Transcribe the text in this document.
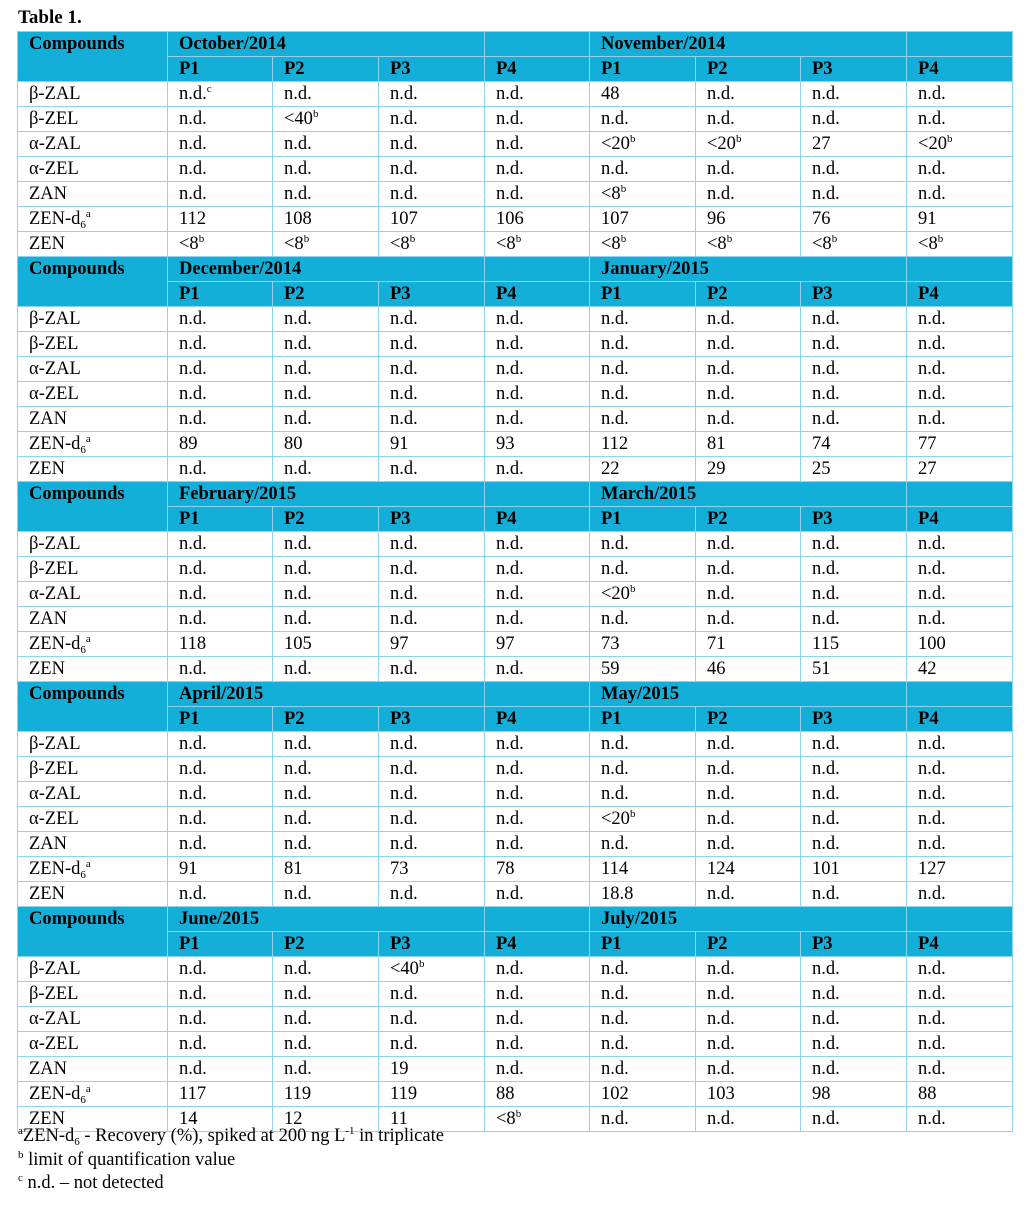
Table 1.
Compounds	October/2014				November/2014			
	P1	P2	P3	P4	P1	P2	P3	P4
β-ZAL	n.d.$^c$	n.d.	n.d.	n.d.	48	n.d.	n.d.	n.d.
β-ZEL	n.d.	$<40^b$	n.d.	n.d.	n.d.	n.d.	n.d.	n.d.
α-ZAL	n.d.	n.d.	n.d.	n.d.	$<20^b$	$<20^b$	27	$<20^b$
α-ZEL	n.d.	n.d.	n.d.	n.d.	n.d.	n.d.	n.d.	n.d.
ZAN	n.d.	n.d.	n.d.	n.d.	$<8^b$	n.d.	n.d.	n.d.
ZEN-$d_6^a$	112	108	107	106	107	96	76	91
ZEN	$<8^b$	$<8^b$	$<8^b$	$<8^b$	$<8^b$	$<8^b$	$<8^b$	$<8^b$
Compounds	December/2014				January/2015			
	P1	P2	P3	P4	P1	P2	P3	P4
β-ZAL	n.d.	n.d.	n.d.	n.d.	n.d.	n.d.	n.d.	n.d.
β-ZEL	n.d.	n.d.	n.d.	n.d.	n.d.	n.d.	n.d.	n.d.
α-ZAL	n.d.	n.d.	n.d.	n.d.	n.d.	n.d.	n.d.	n.d.
α-ZEL	n.d.	n.d.	n.d.	n.d.	n.d.	n.d.	n.d.	n.d.
ZAN	n.d.	n.d.	n.d.	n.d.	n.d.	n.d.	n.d.	n.d.
ZEN-$d_6^a$	89	80	91	93	112	81	74	77
ZEN	n.d.	n.d.	n.d.	n.d.	22	29	25	27
Compounds	February/2015				March/2015			
	P1	P2	P3	P4	P1	P2	P3	P4
β-ZAL	n.d.	n.d.	n.d.	n.d.	n.d.	n.d.	n.d.	n.d.
β-ZEL	n.d.	n.d.	n.d.	n.d.	n.d.	n.d.	n.d.	n.d.
α-ZAL	n.d.	n.d.	n.d.	n.d.	$<20^b$	n.d.	n.d.	n.d.
ZAN	n.d.	n.d.	n.d.	n.d.	n.d.	n.d.	n.d.	n.d.
ZEN-$d_6^a$	118	105	97	97	73	71	115	100
ZEN	n.d.	n.d.	n.d.	n.d.	59	46	51	42
Compounds	April/2015				May/2015			
	P1	P2	P3	P4	P1	P2	P3	P4
β-ZAL	n.d.	n.d.	n.d.	n.d.	n.d.	n.d.	n.d.	n.d.
β-ZEL	n.d.	n.d.	n.d.	n.d.	n.d.	n.d.	n.d.	n.d.
α-ZAL	n.d.	n.d.	n.d.	n.d.	n.d.	n.d.	n.d.	n.d.
α-ZEL	n.d.	n.d.	n.d.	n.d.	$<20^b$	n.d.	n.d.	n.d.
ZAN	n.d.	n.d.	n.d.	n.d.	n.d.	n.d.	n.d.	n.d.
ZEN-$d_6^a$	91	81	73	78	114	124	101	127
ZEN	n.d.	n.d.	n.d.	n.d.	18.8	n.d.	n.d.	n.d.
Compounds	June/2015				July/2015			
	P1	P2	P3	P4	P1	P2	P3	P4
β-ZAL	n.d.	n.d.	$<40^b$	n.d.	n.d.	n.d.	n.d.	n.d.
β-ZEL	n.d.	n.d.	n.d.	n.d.	n.d.	n.d.	n.d.	n.d.
α-ZAL	n.d.	n.d.	n.d.	n.d.	n.d.	n.d.	n.d.	n.d.
α-ZEL	n.d.	n.d.	n.d.	n.d.	n.d.	n.d.	n.d.	n.d.
ZAN	n.d.	n.d.	19	n.d.	n.d.	n.d.	n.d.	n.d.
ZEN-$d_6^a$	117	119	119	88	102	103	98	88
ZEN	14	12	11	$<8^b$	n.d.	n.d.	n.d.	n.d.
$^aZEN-d_6$ - Recovery (%), spiked at 200 ng $L^{-1}$ in triplicate
$^b$ limit of quantification value
$^c$ n.d. – not detected
